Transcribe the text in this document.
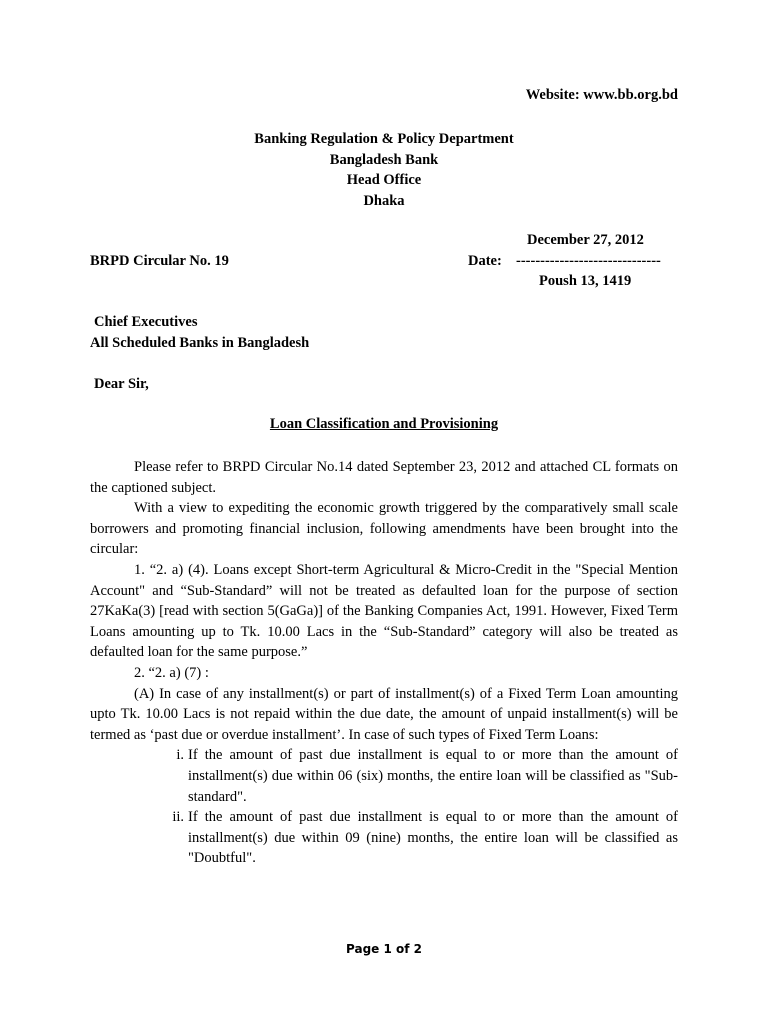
Website: www.bb.org.bd
Banking Regulation & Policy Department
Bangladesh Bank
Head Office
Dhaka
December 27, 2012
BRPD Circular No. 19	Date: ------------------------------
Poush 13, 1419
Chief Executives
All Scheduled Banks in Bangladesh
Dear Sir,
Loan Classification and Provisioning

Please refer to BRPD Circular No.14 dated September 23, 2012 and attached CL formats on the captioned subject.

With a view to expediting the economic growth triggered by the comparatively small scale borrowers and promoting financial inclusion, following amendments have been brought into the circular:

1. “2. a) (4). Loans except Short-term Agricultural & Micro-Credit in the "Special Mention Account" and “Sub-Standard” will not be treated as defaulted loan for the purpose of section 27KaKa(3) [read with section 5(GaGa)] of the Banking Companies Act, 1991. However, Fixed Term Loans amounting up to Tk. 10.00 Lacs in the “Sub-Standard” category will also be treated as defaulted loan for the same purpose.”

2. “2. a) (7) :

(A) In case of any installment(s) or part of installment(s) of a Fixed Term Loan amounting upto Tk. 10.00 Lacs is not repaid within the due date, the amount of unpaid installment(s) will be termed as ‘past due or overdue installment’. In case of such types of Fixed Term Loans:

i. If the amount of past due installment is equal to or more than the amount of installment(s) due within 06 (six) months, the entire loan will be classified as "Sub-standard".

ii. If the amount of past due installment is equal to or more than the amount of installment(s) due within 09 (nine) months, the entire loan will be classified as "Doubtful".

Page 1 of 2
